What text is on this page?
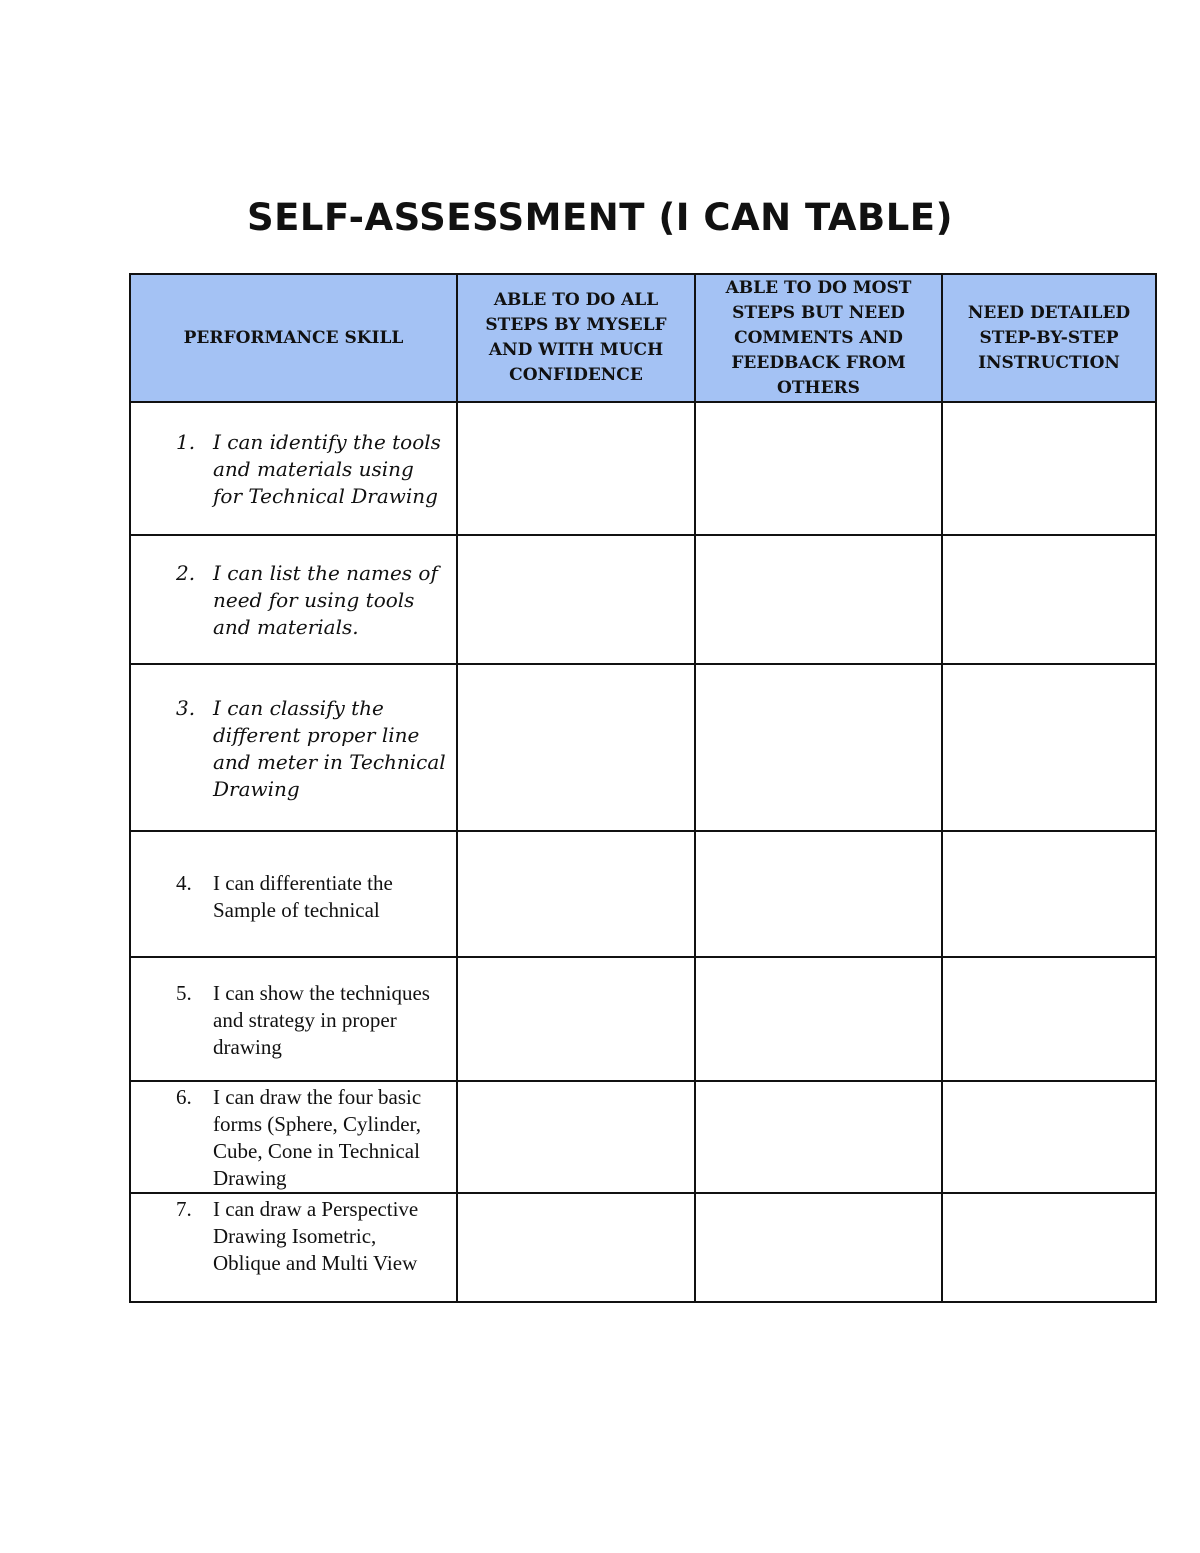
SELF-ASSESSMENT (I CAN TABLE)
PERFORMANCE SKILL	ABLE TO DO ALL STEPS BY MYSELF AND WITH MUCH CONFIDENCE	ABLE TO DO MOST STEPS BUT NEED COMMENTS AND FEEDBACK FROM OTHERS	NEED DETAILED STEP-BY-STEP INSTRUCTION

1. I can identify the tools and materials using for Technical Drawing			

2. I can list the names of need for using tools and materials.			

3. I can classify the different proper line and meter in Technical Drawing			

4. I can differentiate the Sample of technical			

5. I can show the techniques and strategy in proper drawing			

6. I can draw the four basic forms (Sphere, Cylinder, Cube, Cone in Technical Drawing			

7. I can draw a Perspective Drawing Isometric, Oblique and Multi View			
